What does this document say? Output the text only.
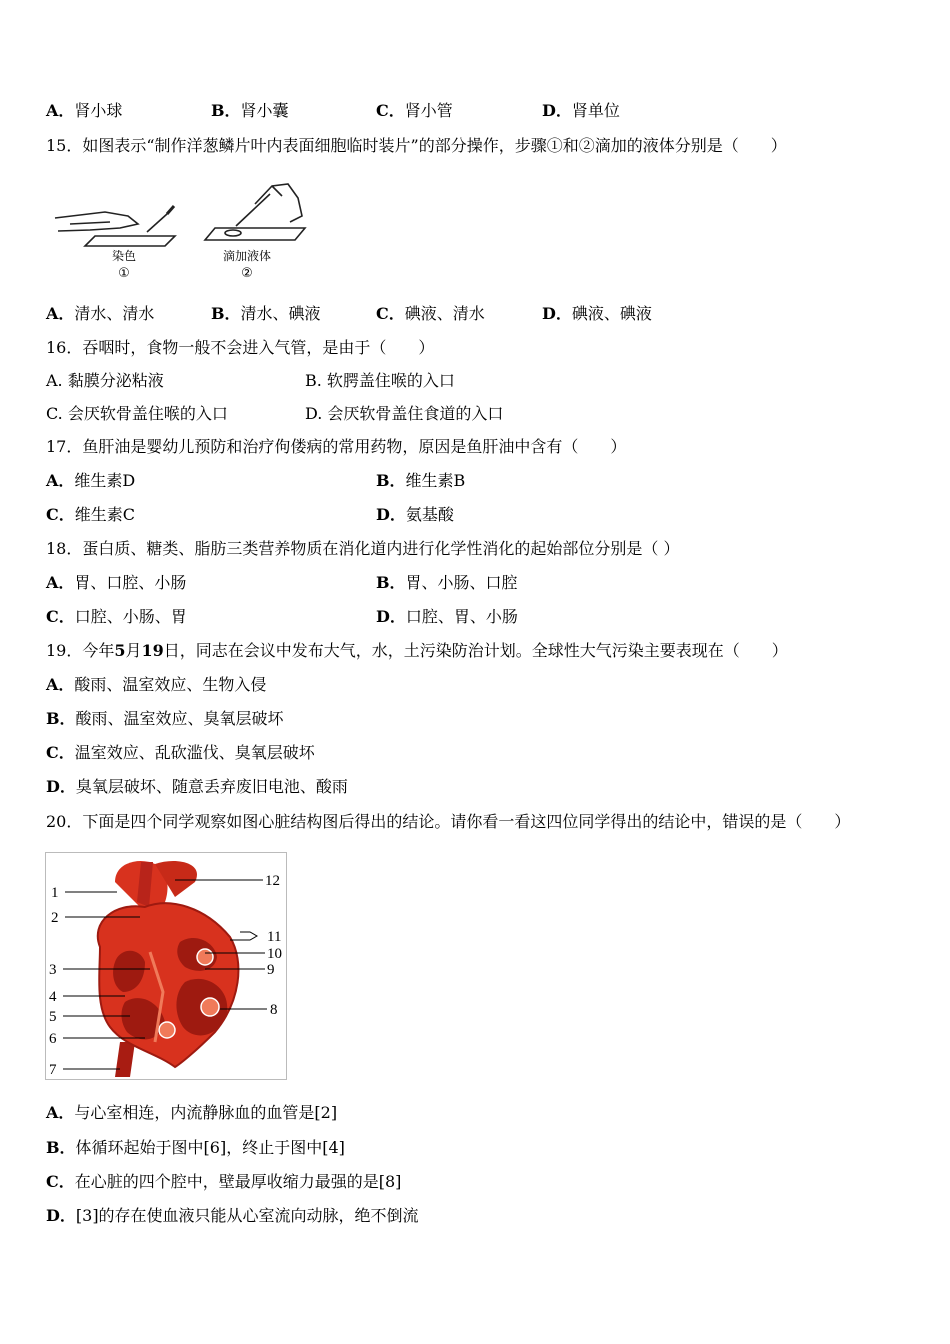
A．肾小球	B．肾小囊	C．肾小管	D．肾单位
15．如图表示“制作洋葱鳞片叶内表面细胞临时装片”的部分操作，步骤①和②滴加的液体分别是（　　）
染色
①
滴加液体
②
A．清水、清水	B．清水、碘液	C．碘液、清水	D．碘液、碘液
16．吞咽时，食物一般不会进入气管，是由于（　　）
A. 黏膜分泌粘液	B. 软腭盖住喉的入口
C. 会厌软骨盖住喉的入口	D. 会厌软骨盖住食道的入口
17．鱼肝油是婴幼儿预防和治疗佝偻病的常用药物，原因是鱼肝油中含有（　　）
A．维生素D	B．维生素B
C．维生素C	D．氨基酸
18．蛋白质、糖类、脂肪三类营养物质在消化道内进行化学性消化的起始部位分别是（ ）
A．胃、口腔、小肠	B．胃、小肠、口腔
C．口腔、小肠、胃	D．口腔、胃、小肠
19．今年5月19日，同志在会议中发布大气，水，土污染防治计划。全球性大气污染主要表现在（　　）
A．酸雨、温室效应、生物入侵
B．酸雨、温室效应、臭氧层破坏
C．温室效应、乱砍滥伐、臭氧层破坏
D．臭氧层破坏、随意丢弃废旧电池、酸雨
20．下面是四个同学观察如图心脏结构图后得出的结论。请你看一看这四位同学得出的结论中，错误的是（　　）
1
2
3
4
5
6
7
8
9
10
11
12
A．与心室相连，内流静脉血的血管是[2]
B．体循环起始于图中[6]，终止于图中[4]
C．在心脏的四个腔中，壁最厚收缩力最强的是[8]
D．[3]的存在使血液只能从心室流向动脉，绝不倒流
